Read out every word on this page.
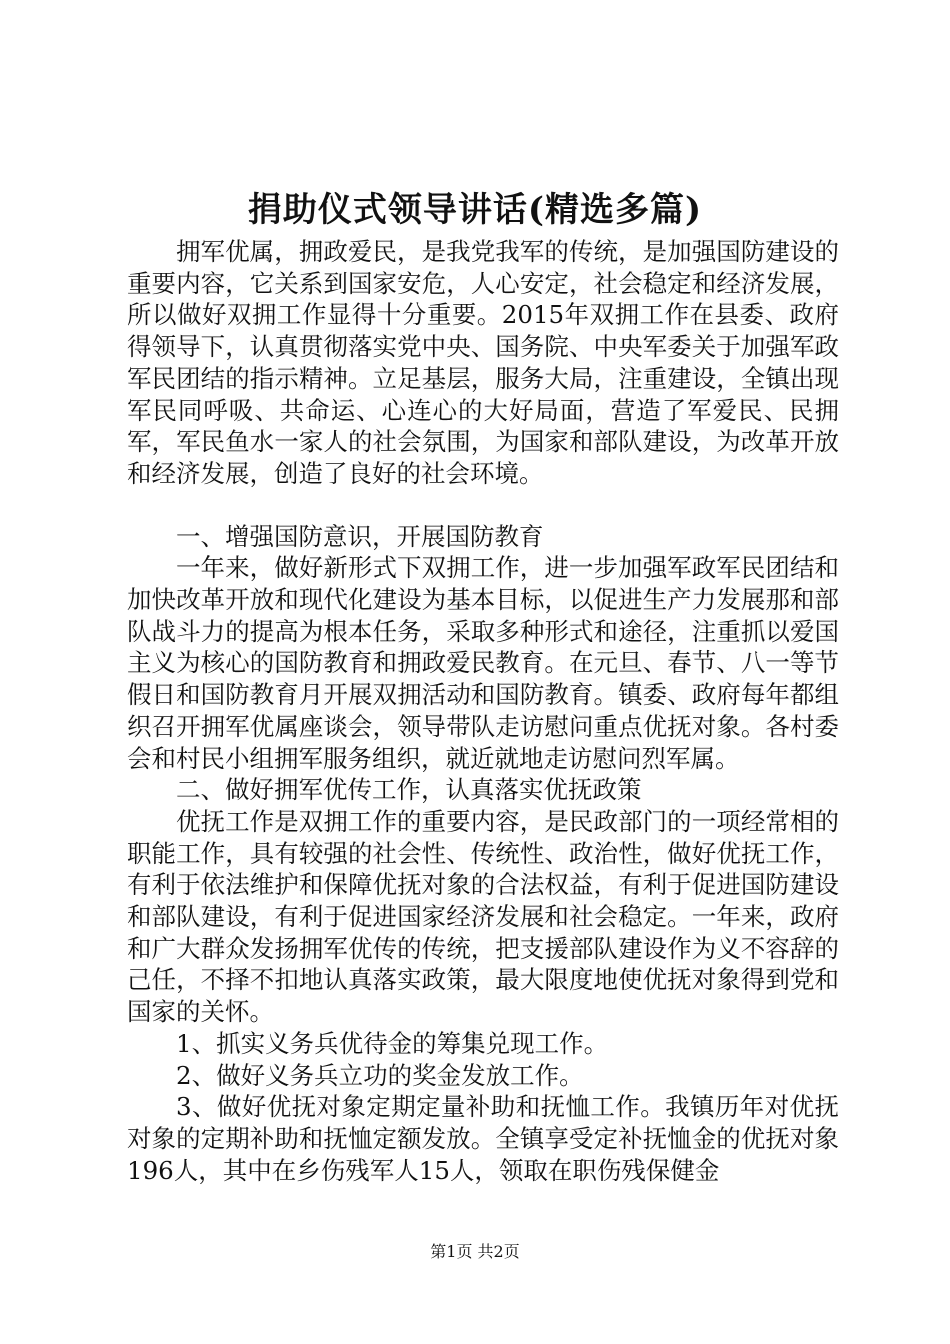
捐助仪式领导讲话(精选多篇)

拥军优属，拥政爱民，是我党我军的传统，是加强国防建设的重要内容，它关系到国家安危，人心安定，社会稳定和经济发展，所以做好双拥工作显得十分重要。2015年双拥工作在县委、政府得领导下，认真贯彻落实党中央、国务院、中央军委关于加强军政军民团结的指示精神。立足基层，服务大局，注重建设，全镇出现军民同呼吸、共命运、心连心的大好局面，营造了军爱民、民拥军，军民鱼水一家人的社会氛围，为国家和部队建设，为改革开放和经济发展，创造了良好的社会环境。

一、增强国防意识，开展国防教育

一年来，做好新形式下双拥工作，进一步加强军政军民团结和加快改革开放和现代化建设为基本目标，以促进生产力发展那和部队战斗力的提高为根本任务，采取多种形式和途径，注重抓以爱国主义为核心的国防教育和拥政爱民教育。在元旦、春节、八一等节假日和国防教育月开展双拥活动和国防教育。镇委、政府每年都组织召开拥军优属座谈会，领导带队走访慰问重点优抚对象。各村委会和村民小组拥军服务组织，就近就地走访慰问烈军属。

二、做好拥军优传工作，认真落实优抚政策

优抚工作是双拥工作的重要内容，是民政部门的一项经常相的职能工作，具有较强的社会性、传统性、政治性，做好优抚工作，有利于依法维护和保障优抚对象的合法权益，有利于促进国防建设和部队建设，有利于促进国家经济发展和社会稳定。一年来，政府和广大群众发扬拥军优传的传统，把支援部队建设作为义不容辞的己任，不择不扣地认真落实政策，最大限度地使优抚对象得到党和国家的关怀。

1、抓实义务兵优待金的筹集兑现工作。

2、做好义务兵立功的奖金发放工作。

3、做好优抚对象定期定量补助和抚恤工作。我镇历年对优抚对象的定期补助和抚恤定额发放。全镇享受定补抚恤金的优抚对象196人，其中在乡伤残军人15人，领取在职伤残保健金

第1页 共2页
